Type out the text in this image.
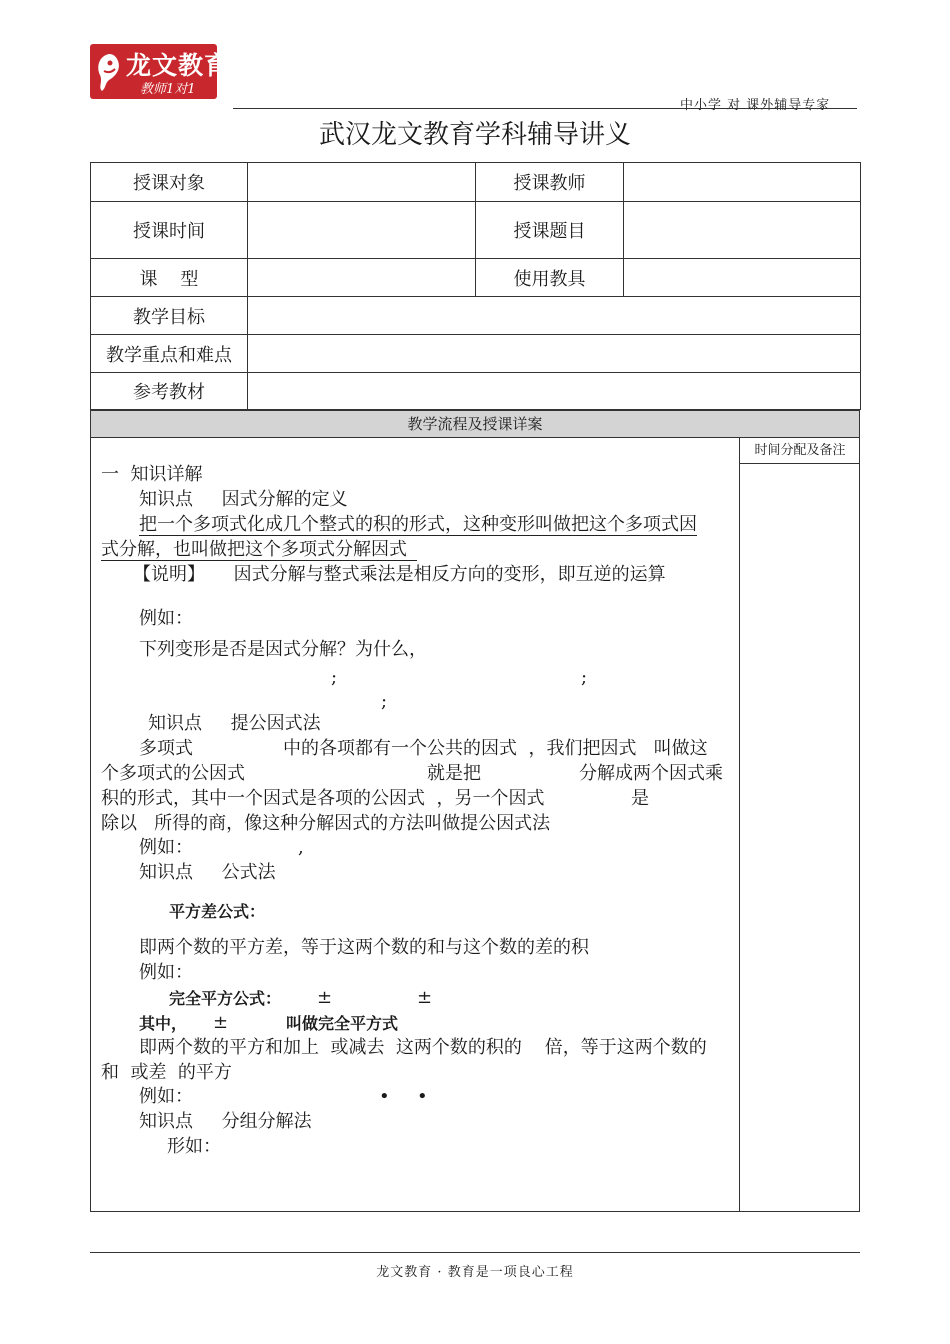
龙文教育
教师1对1
中小学 对 课外辅导专家
武汉龙文教育学科辅导讲义
授课对象		授课教师	
授课时间		授课题目	
课    型		使用教具	
教学目标			
教学重点和难点			
参考教材			
教学流程及授课详案
时间分配及备注
一  知识详解
知识点     因式分解的定义
把一个多项式化成几个整式的积的形式，这种变形叫做把这个多项式因
式分解，也叫做把这个多项式分解因式
【说明】     因式分解与整式乘法是相反方向的变形，即互逆的运算
例如：
下列变形是否是因式分解？为什么，
;	;
;
知识点     提公因式法
多项式	中的各项都有一个公共的因式  ，我们把因式   叫做这
个多项式的公因式	就是把	分解成两个因式乘
积的形式，其中一个因式是各项的公因式  ，另一个因式	是
除以   所得的商，像这种分解因式的方法叫做提公因式法
例如：	,
知识点     公式法
平方差公式：
即两个数的平方差，等于这两个数的和与这个数的差的积
例如：
完全平方公式： ±	±
其中， ±	叫做完全平方式
即两个数的平方和加上  或减去  这两个数的积的    倍，等于这两个数的
和  或差  的平方
例如：	• •
知识点     分组分解法
形如：
龙文教育 · 教育是一项良心工程
